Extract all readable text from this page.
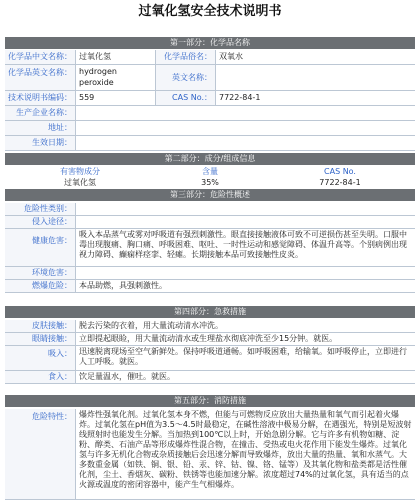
过氧化氢安全技术说明书
第一部分：化学品名称
化学品中文名称： 过氧化氢	化学品俗名： 双氧水
化学品英文名称： hydrogen
peroxide
英文名称：
技术说明书编码： 559	CAS No.： 7722-84-1
生产企业名称：
地址：
生效日期：
第二部分：成分/组成信息
有害物成分	含量	CAS No.
过氧化氢	35%	7722-84-1
第三部分：危险性概述
危险性类别：
侵入途径：
健康危害：
吸入本品蒸气或雾对呼吸道有强烈刺激性。眼直接接触液体可致不可逆损伤甚至失明。口服中毒出现腹痛、胸口痛、呼吸困难、呕吐、一时性运动和感觉障碍、体温升高等。个别病例出现视力障碍、癫痫样痉挛、轻瘫。长期接触本品可致接触性皮炎。
环境危害：
燃爆危险： 本品助燃，具强刺激性。
第四部分：急救措施
皮肤接触： 脱去污染的衣着，用大量流动清水冲洗。
眼睛接触： 立即提起眼睑，用大量流动清水或生理盐水彻底冲洗至少15分钟。就医。
吸入： 迅速脱离现场至空气新鲜处。保持呼吸道通畅。如呼吸困难，给输氧。如呼吸停止，立即进行人工呼吸。就医。
食入： 饮足量温水，催吐。就医。
第五部分：消防措施
危险特性： 爆炸性强氧化剂。过氧化氢本身不燃，但能与可燃物反应放出大量热量和氧气而引起着火爆炸。过氧化氢在pH值为3.5～4.5时最稳定，在碱性溶液中极易分解，在遇强光，特别是短波射线照射时也能发生分解。当加热到100℃以上时，开始急剧分解。它与许多有机物如糖、淀粉、醇类、石油产品等形成爆炸性混合物，在撞击、受热或电火花作用下能发生爆炸。过氧化氢与许多无机化合物或杂质接触后会迅速分解而导致爆炸，放出大量的热量、氧和水蒸气。大多数重金属（如铁、铜、银、铅、汞、锌、钴、镍、铬、锰等）及其氧化物和盐类都是活性催化剂，尘土、香烟灰、碳粉、铁锈等也能加速分解。浓度超过74%的过氧化氢，具有适当的点火源或温度的密闭容器中，能产生气相爆炸。
